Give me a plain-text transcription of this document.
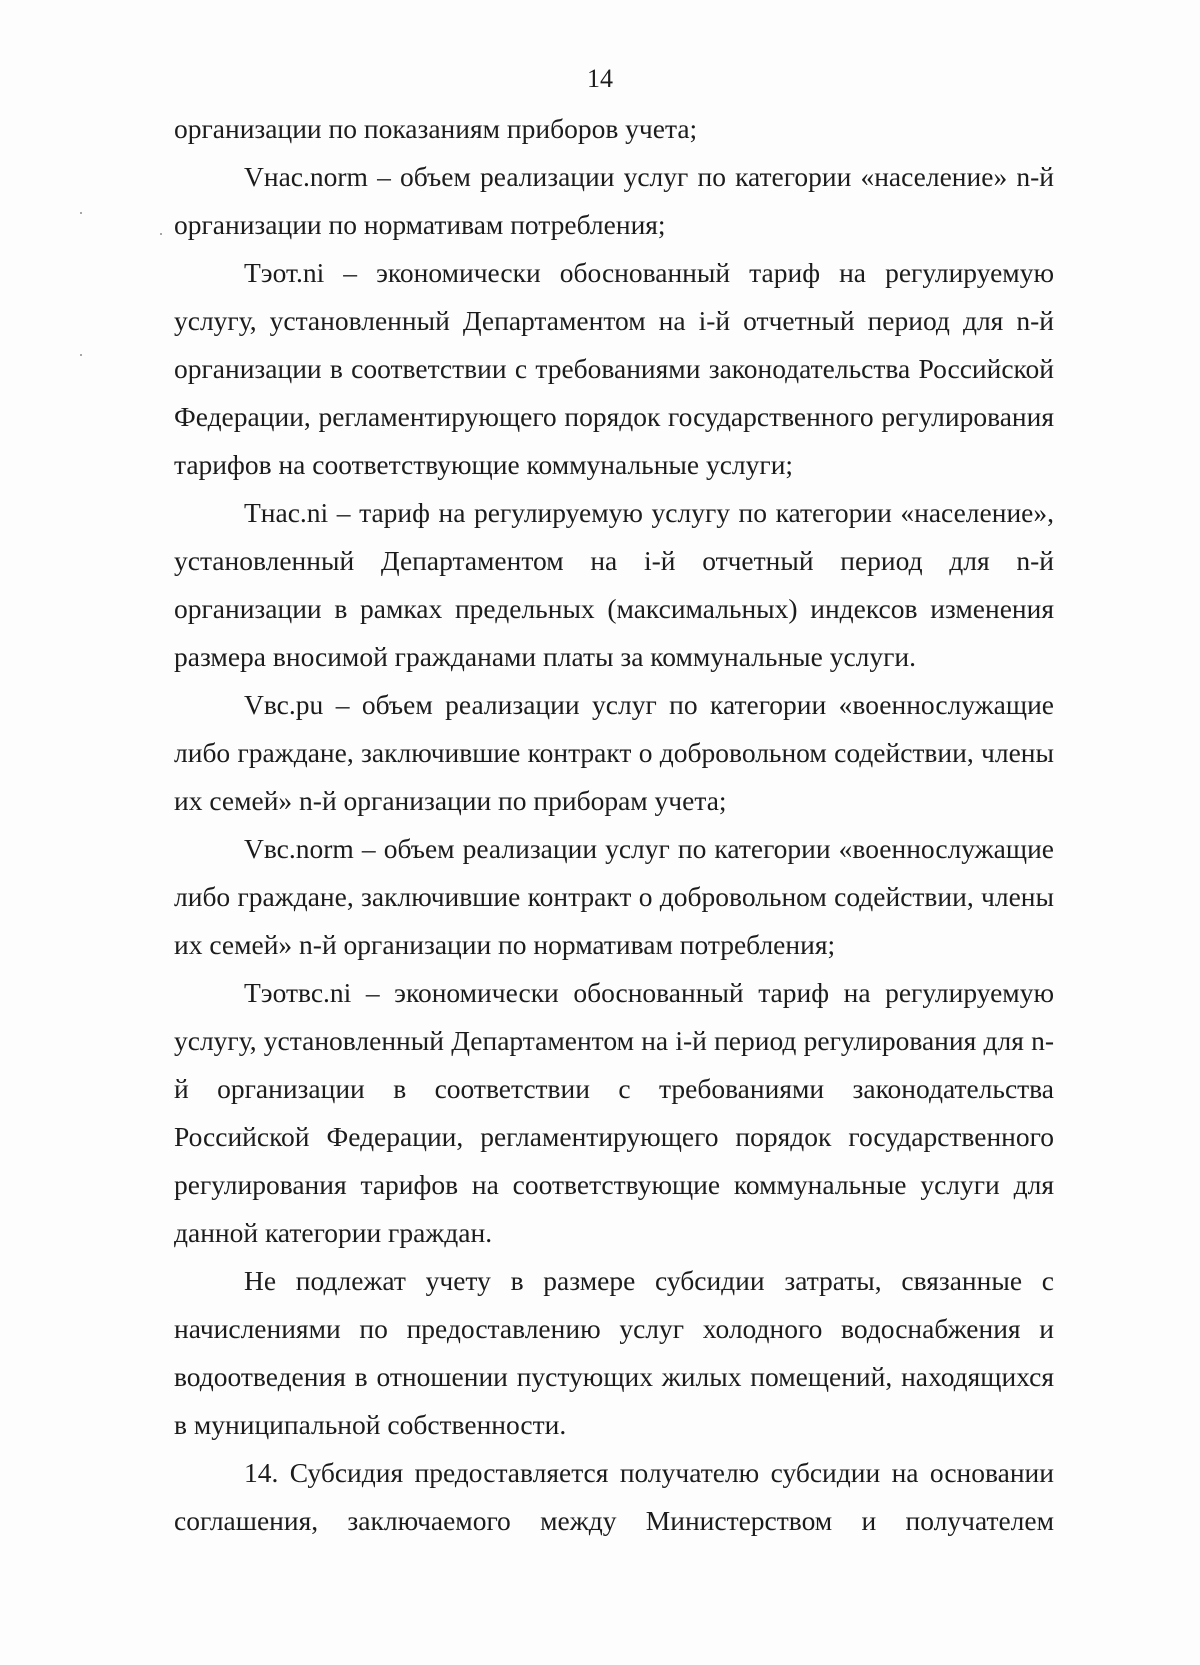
14

организации по показаниям приборов учета;

Vнас.norm – объем реализации услуг по категории «население» n-й организации по нормативам потребления;

Тэот.ni – экономически обоснованный тариф на регулируемую услугу, установленный Департаментом на i-й отчетный период для n-й организации в соответствии с требованиями законодательства Российской Федерации, регламентирующего порядок государственного регулирования тарифов на соответствующие коммунальные услуги;

Тнас.ni – тариф на регулируемую услугу по категории «население», установленный Департаментом на i-й отчетный период для n-й организации в рамках предельных (максимальных) индексов изменения размера вносимой гражданами платы за коммунальные услуги.

Vвс.pu – объем реализации услуг по категории «военнослужащие либо граждане, заключившие контракт о добровольном содействии, члены их семей» n-й организации по приборам учета;

Vвс.norm – объем реализации услуг по категории «военнослужащие либо граждане, заключившие контракт о добровольном содействии, члены их семей» n-й организации по нормативам потребления;

Тэотвс.ni – экономически обоснованный тариф на регулируемую услугу, установленный Департаментом на i-й период регулирования для n-й организации в соответствии с требованиями законодательства Российской Федерации, регламентирующего порядок государственного регулирования тарифов на соответствующие коммунальные услуги для данной категории граждан.

Не подлежат учету в размере субсидии затраты, связанные с начислениями по предоставлению услуг холодного водоснабжения и водоотведения в отношении пустующих жилых помещений, находящихся в муниципальной собственности.

14. Субсидия предоставляется получателю субсидии на основании соглашения, заключаемого между Министерством и получателем
